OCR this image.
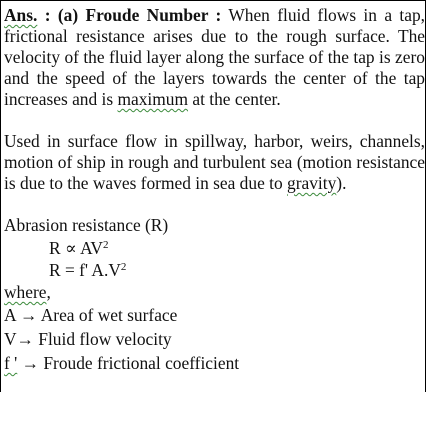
Ans. : (a) Froude Number : When fluid flows in a tap, frictional resistance arises due to the rough surface. The velocity of the fluid layer along the surface of the tap is zero and the speed of the layers towards the center of the tap increases and is maximum at the center.
Used in surface flow in spillway, harbor, weirs, channels, motion of ship in rough and turbulent sea (motion resistance is due to the waves formed in sea due to gravity).
Abrasion resistance (R)
$R \propto AV^2$
R = f' $A.V^2$
where,
A → Area of wet surface
V→ Fluid flow velocity
f ' → Froude frictional coefficient
